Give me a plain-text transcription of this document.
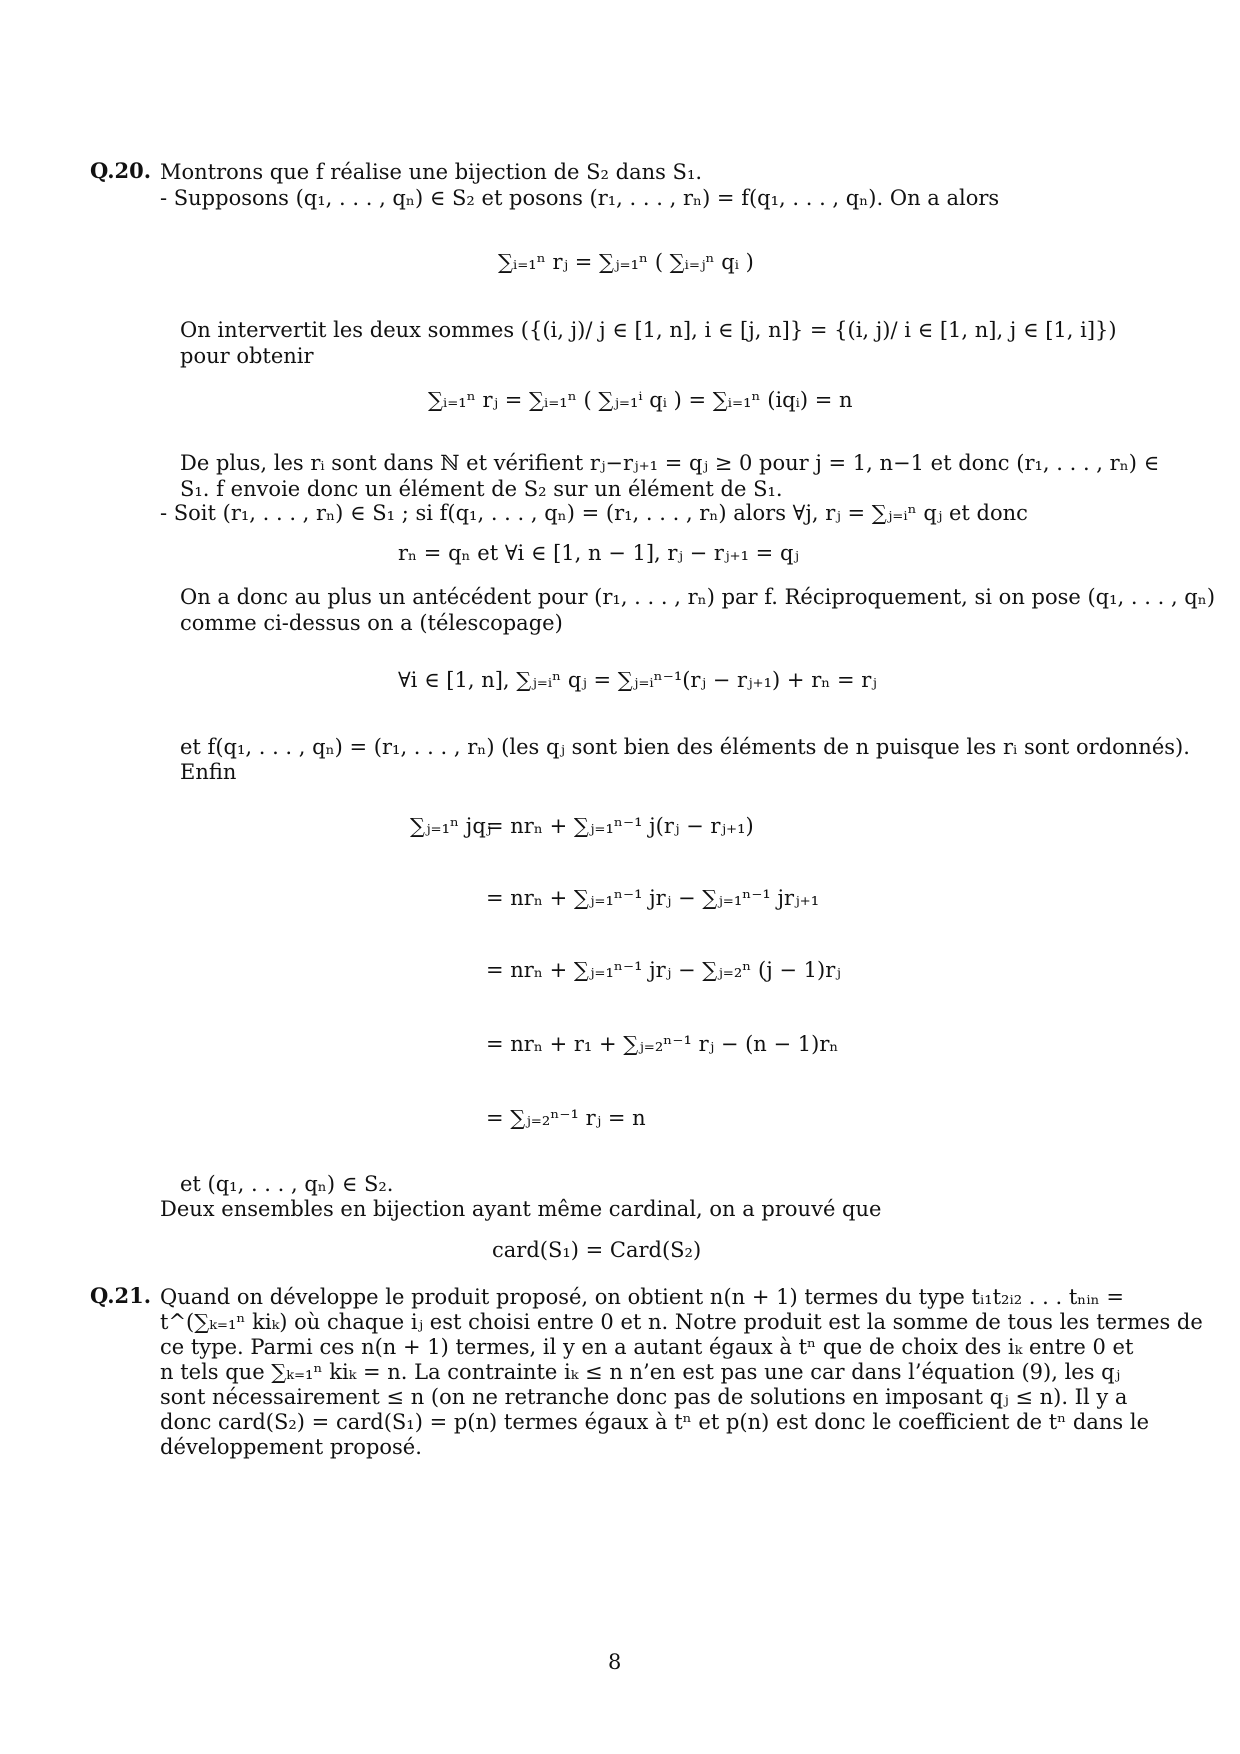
Q.20. Montrons que f réalise une bijection de S₂ dans S₁.
- Supposons (q₁, . . . , qₙ) ∈ S₂ et posons (r₁, . . . , rₙ) = f(q₁, . . . , qₙ). On a alors
∑ᵢ₌₁ⁿ rⱼ = ∑ⱼ₌₁ⁿ ( ∑ᵢ₌ⱼⁿ qᵢ )
On intervertit les deux sommes ({(i, j)/ j ∈ [1, n], i ∈ [j, n]} = {(i, j)/ i ∈ [1, n], j ∈ [1, i]})
pour obtenir
∑ᵢ₌₁ⁿ rⱼ = ∑ᵢ₌₁ⁿ ( ∑ⱼ₌₁ⁱ qᵢ ) = ∑ᵢ₌₁ⁿ (iqᵢ) = n
De plus, les rᵢ sont dans ℕ et vérifient rⱼ−rⱼ₊₁ = qⱼ ≥ 0 pour j = 1, n−1 et donc (r₁, . . . , rₙ) ∈
S₁. f envoie donc un élément de S₂ sur un élément de S₁.
- Soit (r₁, . . . , rₙ) ∈ S₁ ; si f(q₁, . . . , qₙ) = (r₁, . . . , rₙ) alors ∀j, rⱼ = ∑ⱼ₌ᵢⁿ qⱼ et donc
rₙ = qₙ et ∀i ∈ [1, n − 1], rⱼ − rⱼ₊₁ = qⱼ
On a donc au plus un antécédent pour (r₁, . . . , rₙ) par f. Réciproquement, si on pose (q₁, . . . , qₙ)
comme ci-dessus on a (télescopage)
∀i ∈ [1, n], ∑ⱼ₌ᵢⁿ qⱼ = ∑ⱼ₌ᵢⁿ⁻¹(rⱼ − rⱼ₊₁) + rₙ = rⱼ
et f(q₁, . . . , qₙ) = (r₁, . . . , rₙ) (les qⱼ sont bien des éléments de n puisque les rᵢ sont ordonnés).
Enfin
∑ⱼ₌₁ⁿ jqⱼ
= nrₙ + ∑ⱼ₌₁ⁿ⁻¹ j(rⱼ − rⱼ₊₁)
= nrₙ + ∑ⱼ₌₁ⁿ⁻¹ jrⱼ − ∑ⱼ₌₁ⁿ⁻¹ jrⱼ₊₁
= nrₙ + ∑ⱼ₌₁ⁿ⁻¹ jrⱼ − ∑ⱼ₌₂ⁿ (j − 1)rⱼ
= nrₙ + r₁ + ∑ⱼ₌₂ⁿ⁻¹ rⱼ − (n − 1)rₙ
= ∑ⱼ₌₂ⁿ⁻¹ rⱼ = n
et (q₁, . . . , qₙ) ∈ S₂.
Deux ensembles en bijection ayant même cardinal, on a prouvé que
card(S₁) = Card(S₂)
Q.21. Quand on développe le produit proposé, on obtient n(n + 1) termes du type tᵢ₁t₂ᵢ₂ . . . tₙᵢₙ =
t^(∑ₖ₌₁ⁿ kiₖ) où chaque iⱼ est choisi entre 0 et n. Notre produit est la somme de tous les termes de
ce type. Parmi ces n(n + 1) termes, il y en a autant égaux à tⁿ que de choix des iₖ entre 0 et
n tels que ∑ₖ₌₁ⁿ kiₖ = n. La contrainte iₖ ≤ n n’en est pas une car dans l’équation (9), les qⱼ
sont nécessairement ≤ n (on ne retranche donc pas de solutions en imposant qⱼ ≤ n). Il y a
donc card(S₂) = card(S₁) = p(n) termes égaux à tⁿ et p(n) est donc le coefficient de tⁿ dans le
développement proposé.
8
